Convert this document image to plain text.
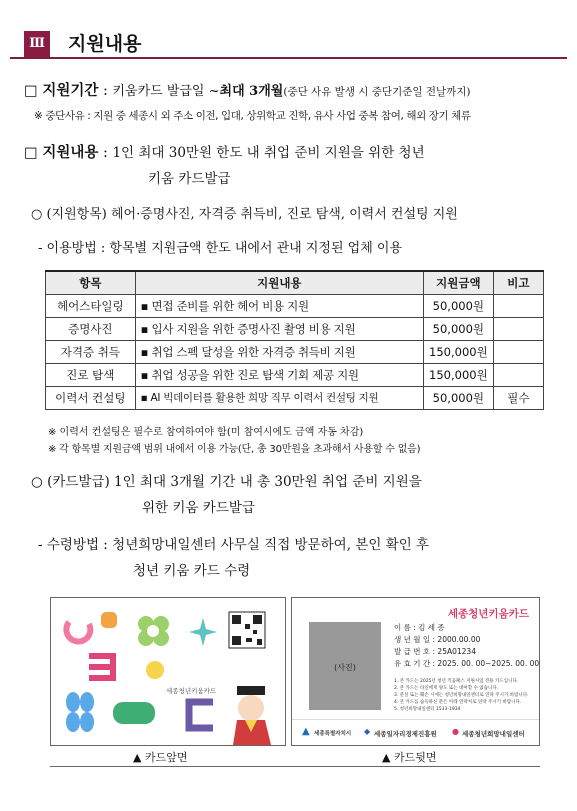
Ⅲ 지원내용
□ 지원기간 : 키움카드 발급일 ~최대 3개월(중단 사유 발생 시 중단기준일 전날까지)
※ 중단사유 : 지원 중 세종시 외 주소 이전, 입대, 상위학교 진학, 유사 사업 중복 참여, 해외 장기 체류
□ 지원내용 : 1인 최대 30만원 한도 내 취업 준비 지원을 위한 청년
키움 카드발급
○ (지원항목) 헤어·증명사진, 자격증 취득비, 진로 탐색, 이력서 컨설팅 지원
- 이용방법 : 항목별 지원금액 한도 내에서 관내 지정된 업체 이용
항목	지원내용	지원금액	비고
헤어스타일링	▪ 면접 준비를 위한 헤어 비용 지원	50,000원	
증명사진	▪ 입사 지원을 위한 증명사진 촬영 비용 지원	50,000원	
자격증 취득	▪ 취업 스펙 달성을 위한 자격증 취득비 지원	150,000원	
진로 탐색	▪ 취업 성공을 위한 진로 탐색 기회 제공 지원	150,000원	
이력서 컨설팅	▪ AI 빅데이터를 활용한 희망 직무 이력서 컨설팅 지원	50,000원	필수
※ 이력서 컨설팅은 필수로 참여하여야 함(미 참여시에도 금액 자동 차감)
※ 각 항목별 지원금액 범위 내에서 이용 가능(단, 총 30만원을 초과해서 사용할 수 없음)
○ (카드발급) 1인 최대 3개월 기간 내 총 30만원 취업 준비 지원을
위한 키움 카드발급
- 수령방법 : 청년희망내일센터 사무실 직접 방문하여, 본인 확인 후
청년 키움 카드 수령
세종청년키움카드
세종청년키움카드
(사진)
이 름 : 김 세 종
생 년 월 일 : 2000.00.00
발 급 번 호 : 25A01234
유 효 기 간 : 2025. 00. 00~2025. 00. 00
1. 본 카드는 2025년 청년 키움패스 지원사업 전용 카드입니다.
2. 본 카드는 타인에게 양도 또는 대여할 수 없습니다.
3. 분실 또는 훼손 시에는 청년희망내일센터로 연락 주시기 바랍니다.
4. 본 카드를 습득하신 분은 아래 연락처로 연락 주시기 바랍니다.
5. 청년희망내일센터 1533-1934
▲ 세종특별자치시 ◆ 세종일자리경제진흥원 ● 세종청년희망내일센터
▲ 카드앞면	▲ 카드뒷면
